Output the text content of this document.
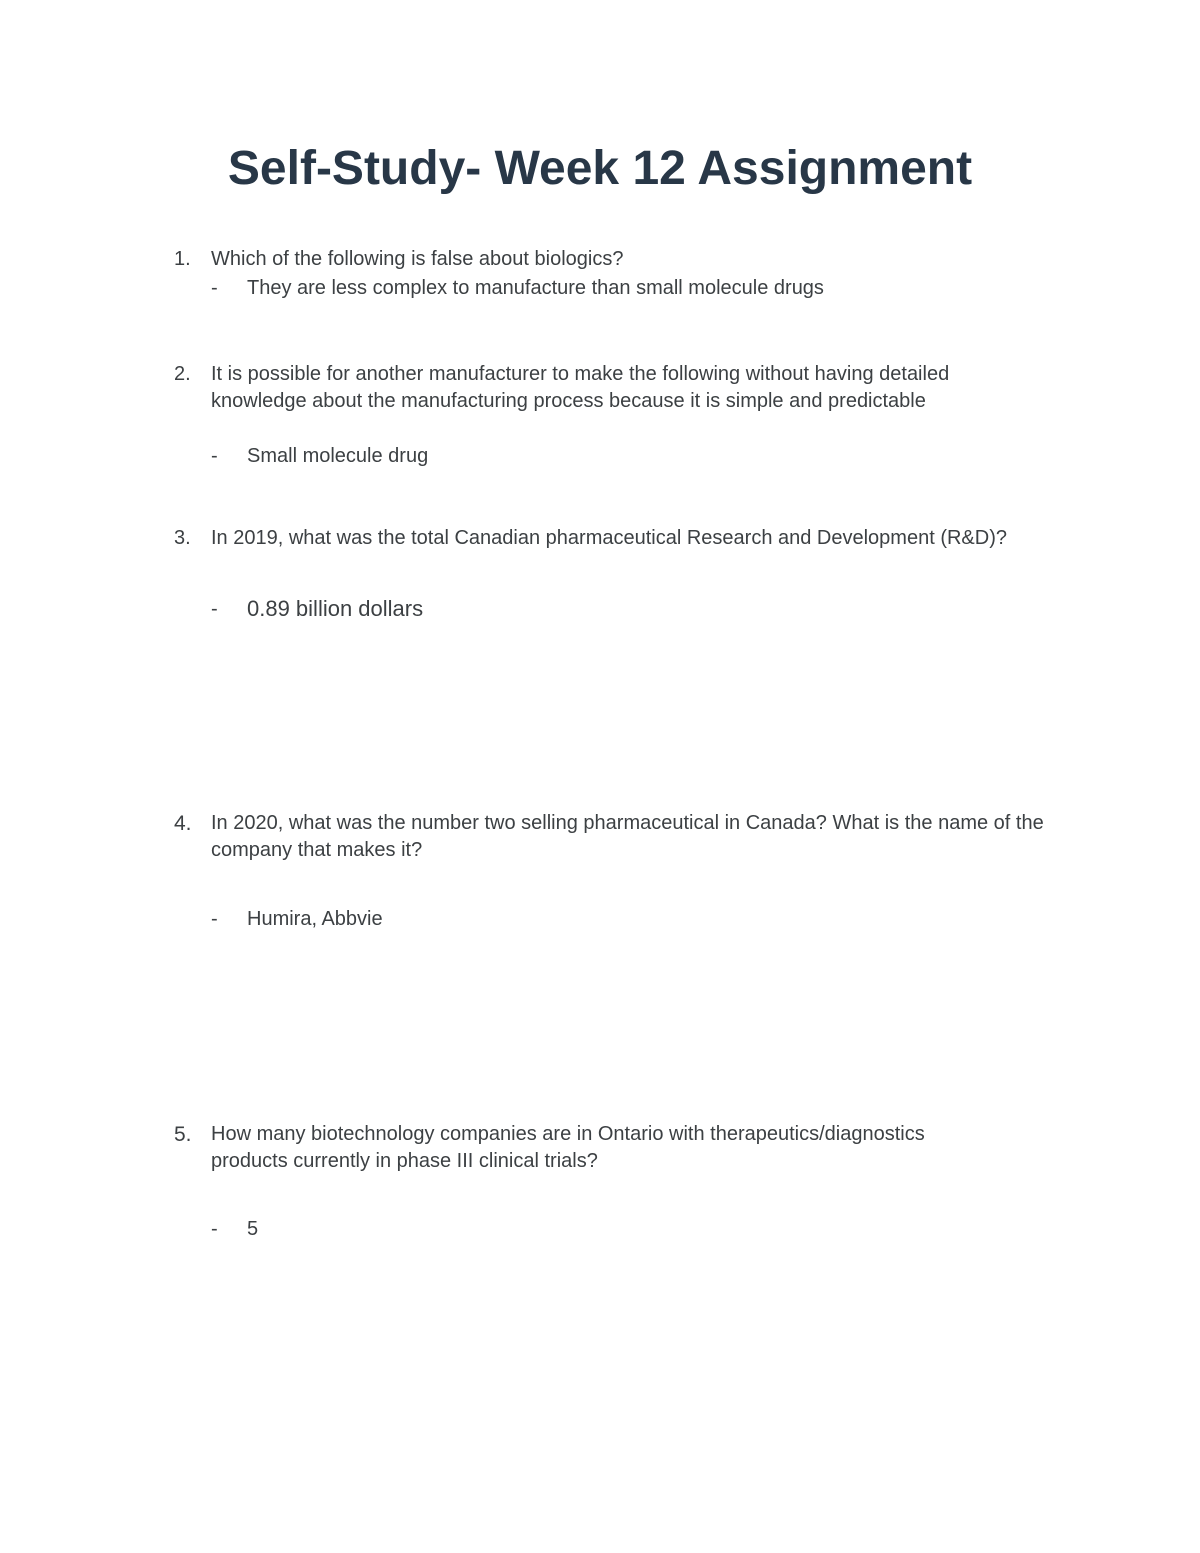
Self-Study- Week 12 Assignment
1. Which of the following is false about biologics?

- They are less complex to manufacture than small molecule drugs
2. It is possible for another manufacturer to make the following without having detailed knowledge about the manufacturing process because it is simple and predictable

- Small molecule drug
3. In 2019, what was the total Canadian pharmaceutical Research and Development (R&D)?

- 0.89 billion dollars
4. In 2020, what was the number two selling pharmaceutical in Canada? What is the name of the company that makes it?

- Humira, Abbvie
5. How many biotechnology companies are in Ontario with therapeutics/diagnostics products currently in phase III clinical trials?

- 5
